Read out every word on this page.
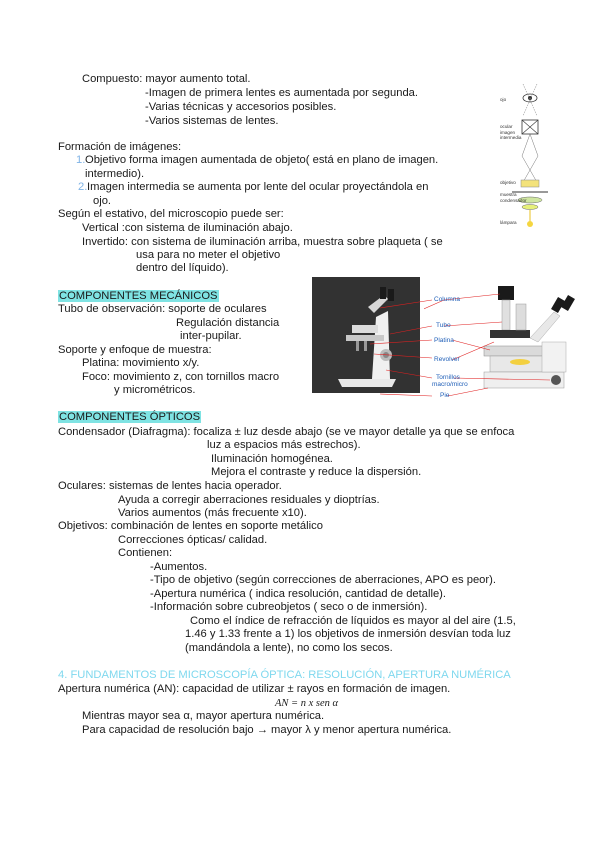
Compuesto: mayor aumento total.
-Imagen de primera lentes es aumentada por segunda.
-Varias técnicas y accesorios posibles.
-Varios sistemas de lentes.
Formación de imágenes:
1. Objetivo forma imagen aumentada de objeto( está en plano de imagen.
intermedio).
2. Imagen intermedia se aumenta por lente del ocular proyectándola en
ojo.
Según el estativo, del microscopio puede ser:
Vertical :con sistema de iluminación abajo.
Invertido: con sistema de iluminación arriba, muestra sobre plaqueta ( se
usa para no meter el objetivo
dentro del líquido).
ojo
ocular
imagen intermedia
objetivo
muestra
condensador
lámpara
COMPONENTES MECÁNICOS
Tubo de observación: soporte de oculares
Regulación distancia
inter-pupilar.
Soporte y enfoque de muestra:
Platina: movimiento x/y.
Foco: movimiento z, con tornillos macro
y micrométricos.
Columna
Tubo
Platina
Revolver
Tornillos
macro/micro
Pie
COMPONENTES ÓPTICOS
Condensador (Diafragma): focaliza ± luz desde abajo (se ve mayor detalle ya que se enfoca
luz a espacios más estrechos).
Iluminación homogénea.
Mejora el contraste y reduce la dispersión.
Oculares: sistemas de lentes hacia operador.
Ayuda a corregir aberraciones residuales y dioptrías.
Varios aumentos (más frecuente x10).
Objetivos: combinación de lentes en soporte metálico
Correcciones ópticas/ calidad.
Contienen:
-Aumentos.
-Tipo de objetivo (según correcciones de aberraciones, APO es peor).
-Apertura numérica ( indica resolución, cantidad de detalle).
-Información sobre cubreobjetos ( seco o de inmersión).
Como el índice de refracción de líquidos es mayor al del aire (1.5,
1.46 y 1.33 frente a 1) los objetivos de inmersión desvían toda luz
(mandándola a lente), no como los secos.
4. FUNDAMENTOS DE MICROSCOPÍA ÓPTICA: RESOLUCIÓN, APERTURA NUMÉRICA
Apertura numérica (AN): capacidad de utilizar ± rayos en formación de imagen.
AN = n x sen α
Mientras mayor sea α, mayor apertura numérica.
Para capacidad de resolución bajo → mayor λ y menor apertura numérica.
